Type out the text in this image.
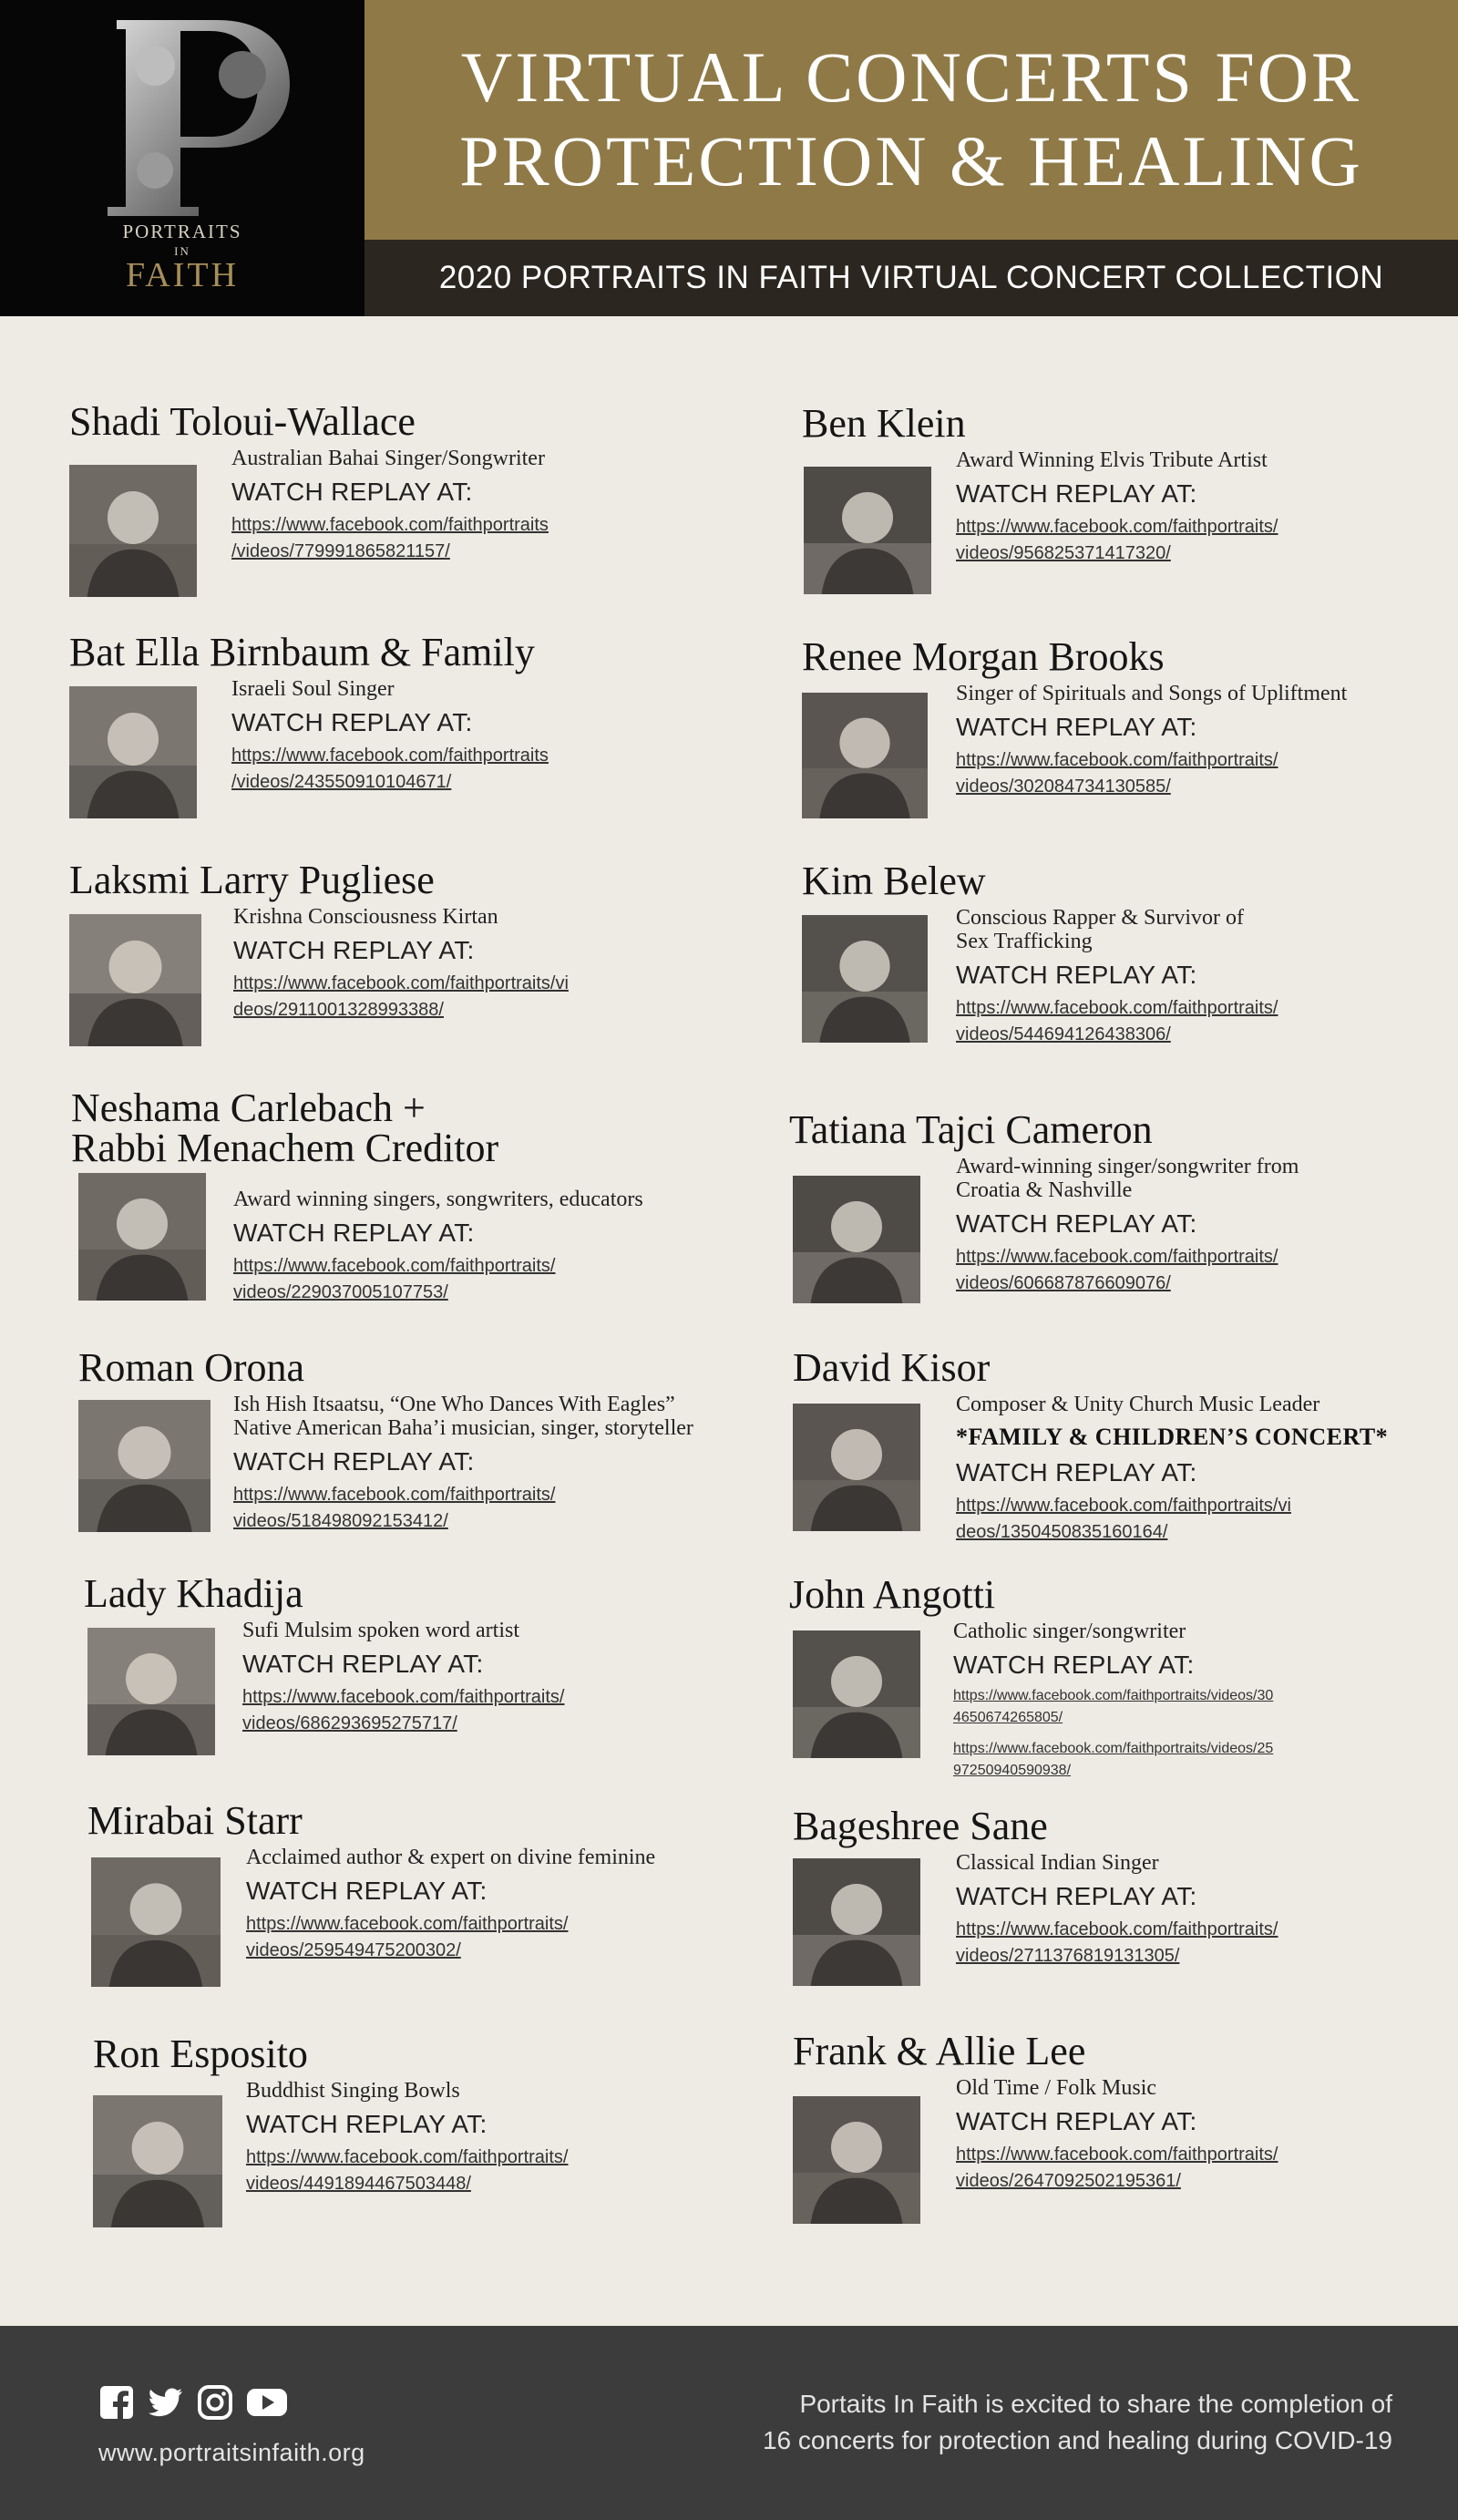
PORTRAITS
IN
FAITH
VIRTUAL CONCERTS FOR
PROTECTION & HEALING
2020 PORTRAITS IN FAITH VIRTUAL CONCERT COLLECTION
Shadi Toloui-Wallace
Australian Bahai Singer/Songwriter
WATCH REPLAY AT:
https://www.facebook.com/faithportraits
/videos/779991865821157/
Ben Klein
Award Winning Elvis Tribute Artist
WATCH REPLAY AT:
https://www.facebook.com/faithportraits/
videos/956825371417320/
Bat Ella Birnbaum & Family
Israeli Soul Singer
WATCH REPLAY AT:
https://www.facebook.com/faithportraits
/videos/243550910104671/
Renee Morgan Brooks
Singer of Spirituals and Songs of Upliftment
WATCH REPLAY AT:
https://www.facebook.com/faithportraits/
videos/302084734130585/
Laksmi Larry Pugliese
Krishna Consciousness Kirtan
WATCH REPLAY AT:
https://www.facebook.com/faithportraits/vi
deos/2911001328993388/
Kim Belew
Conscious Rapper & Survivor of
Sex Trafficking
WATCH REPLAY AT:
https://www.facebook.com/faithportraits/
videos/544694126438306/
Neshama Carlebach +
Rabbi Menachem Creditor
Award winning singers, songwriters, educators
WATCH REPLAY AT:
https://www.facebook.com/faithportraits/
videos/229037005107753/
Tatiana Tajci Cameron
Award-winning singer/songwriter from
Croatia & Nashville
WATCH REPLAY AT:
https://www.facebook.com/faithportraits/
videos/606687876609076/
Roman Orona
Ish Hish Itsaatsu, “One Who Dances With Eagles”
Native American Baha’i musician, singer, storyteller
WATCH REPLAY AT:
https://www.facebook.com/faithportraits/
videos/518498092153412/
David Kisor
Composer & Unity Church Music Leader
*FAMILY & CHILDREN’S CONCERT*
WATCH REPLAY AT:
https://www.facebook.com/faithportraits/vi
deos/1350450835160164/
Lady Khadija
Sufi Mulsim spoken word artist
WATCH REPLAY AT:
https://www.facebook.com/faithportraits/
videos/686293695275717/
John Angotti
Catholic singer/songwriter
WATCH REPLAY AT:
https://www.facebook.com/faithportraits/videos/30
4650674265805/
https://www.facebook.com/faithportraits/videos/25
97250940590938/
Mirabai Starr
Acclaimed author & expert on divine feminine
WATCH REPLAY AT:
https://www.facebook.com/faithportraits/
videos/259549475200302/
Bageshree Sane
Classical Indian Singer
WATCH REPLAY AT:
https://www.facebook.com/faithportraits/
videos/2711376819131305/
Ron Esposito
Buddhist Singing Bowls
WATCH REPLAY AT:
https://www.facebook.com/faithportraits/
videos/4491894467503448/
Frank & Allie Lee
Old Time / Folk Music
WATCH REPLAY AT:
https://www.facebook.com/faithportraits/
videos/2647092502195361/
www.portraitsinfaith.org
Portaits In Faith is excited to share the completion of
16 concerts for protection and healing during COVID-19
